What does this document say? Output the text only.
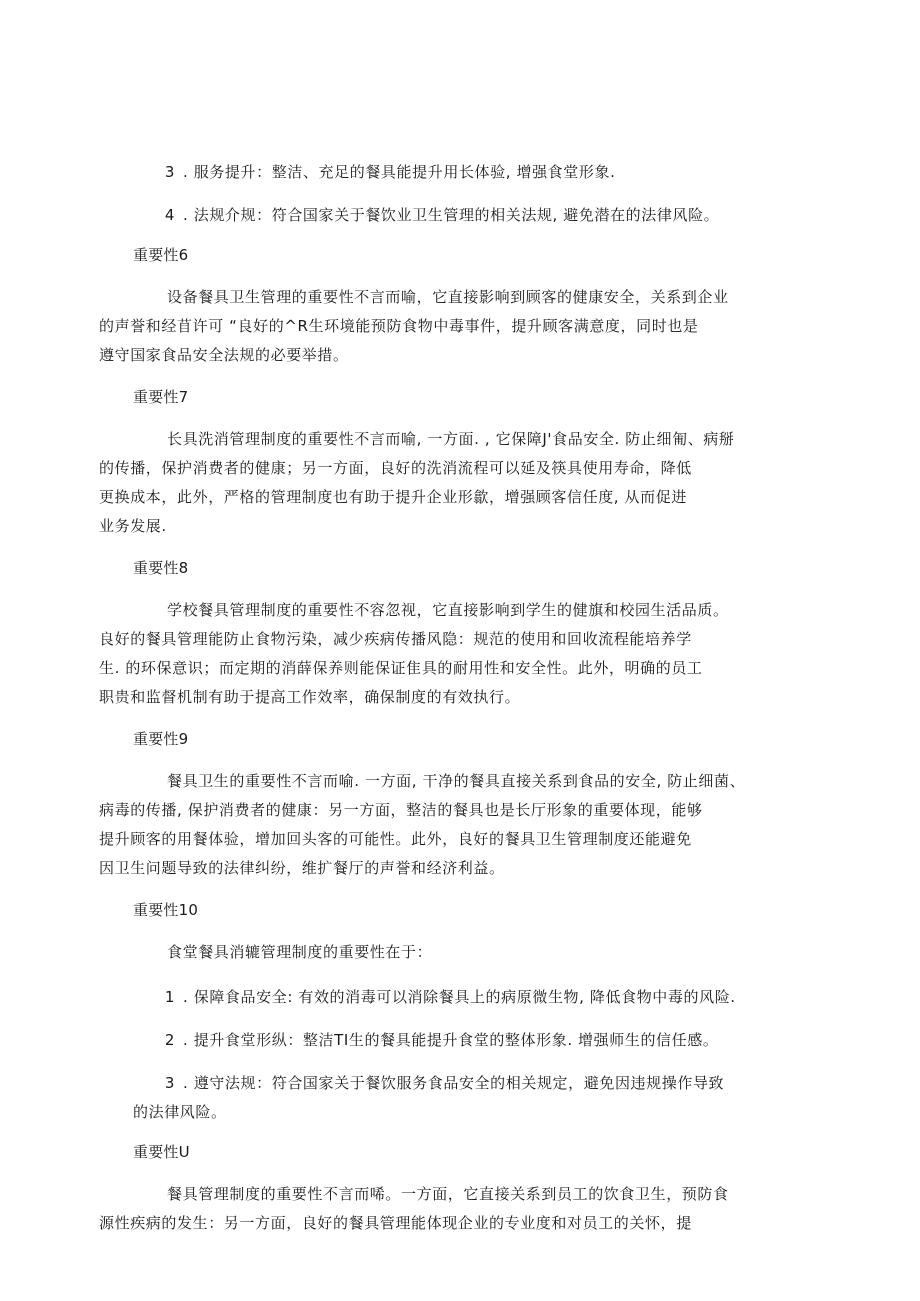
3 . 服务提升：整洁、充足的餐具能提升用长体验, 增强食堂形象.
4 . 法规介规：符合国家关于餐饮业卫生管理的相关法规, 避免潜在的法律风险。
重要性6
设备餐具卫生管理的重要性不言而喻，它直接影响到顾客的健康安全，关系到企业
的声誉和经苜许可 “良好的^R生环境能预防食物中毒事件，提升顾客满意度，同时也是
遵守国家食品安全法规的必要举措。
重要性7
长具洗消管理制度的重要性不言而喻, 一方面. , 它保障J'食品安全. 防止细匍、病掰
的传播，保护消费者的健康；另一方面，良好的洗消流程可以延及筷具使用寿命，降低
更换成本，此外，严格的管理制度也有助于提升企业形歙，增强顾客信任度, 从而促进
业务发展.
重要性8
学校餐具管理制度的重要性不容忽视，它直接影响到学生的健旗和校园生活品质。
良好的餐具管理能防止食物污染，减少疾病传播风隐：规范的使用和回收流程能培养学
生. 的环保意识；而定期的消薛保养则能保证隹具的耐用性和安全性。此外，明确的员工
职贵和监督机制有助于提高工作效率，确保制度的有效执行。
重要性9
餐具卫生的重要性不言而喻. 一方面, 干净的餐具直接关系到食品的安全, 防止细菌、
病毒的传播, 保护消费者的健康：另一方面，整洁的餐具也是长厅形象的重要体现，能够
提升顾客的用餐体验，增加回头客的可能性。此外，良好的餐具卫生管理制度还能避免
因卫生问题导致的法律纠纷，维扩餐厅的声誉和经济利益。
重要性10
食堂餐具消辘管理制度的重要性在于：
1 . 保障食品安全: 有效的消毒可以消除餐具上的病原微生物, 降低食物中毒的风险.
2 . 提升食堂形纵：整洁TI生的餐具能提升食堂的整体形象. 增强师生的信任感。
3 . 遵守法规：符合国家关于餐饮服务食品安全的相关规定，避免因违规操作导致
的法律风险。
重要性U
餐具管理制度的重要性不言而唏。一方面，它直接关系到员工的饮食卫生，预防食
源性疾病的发生：另一方面，良好的餐具管理能体现企业的专业度和对员工的关怀，提
